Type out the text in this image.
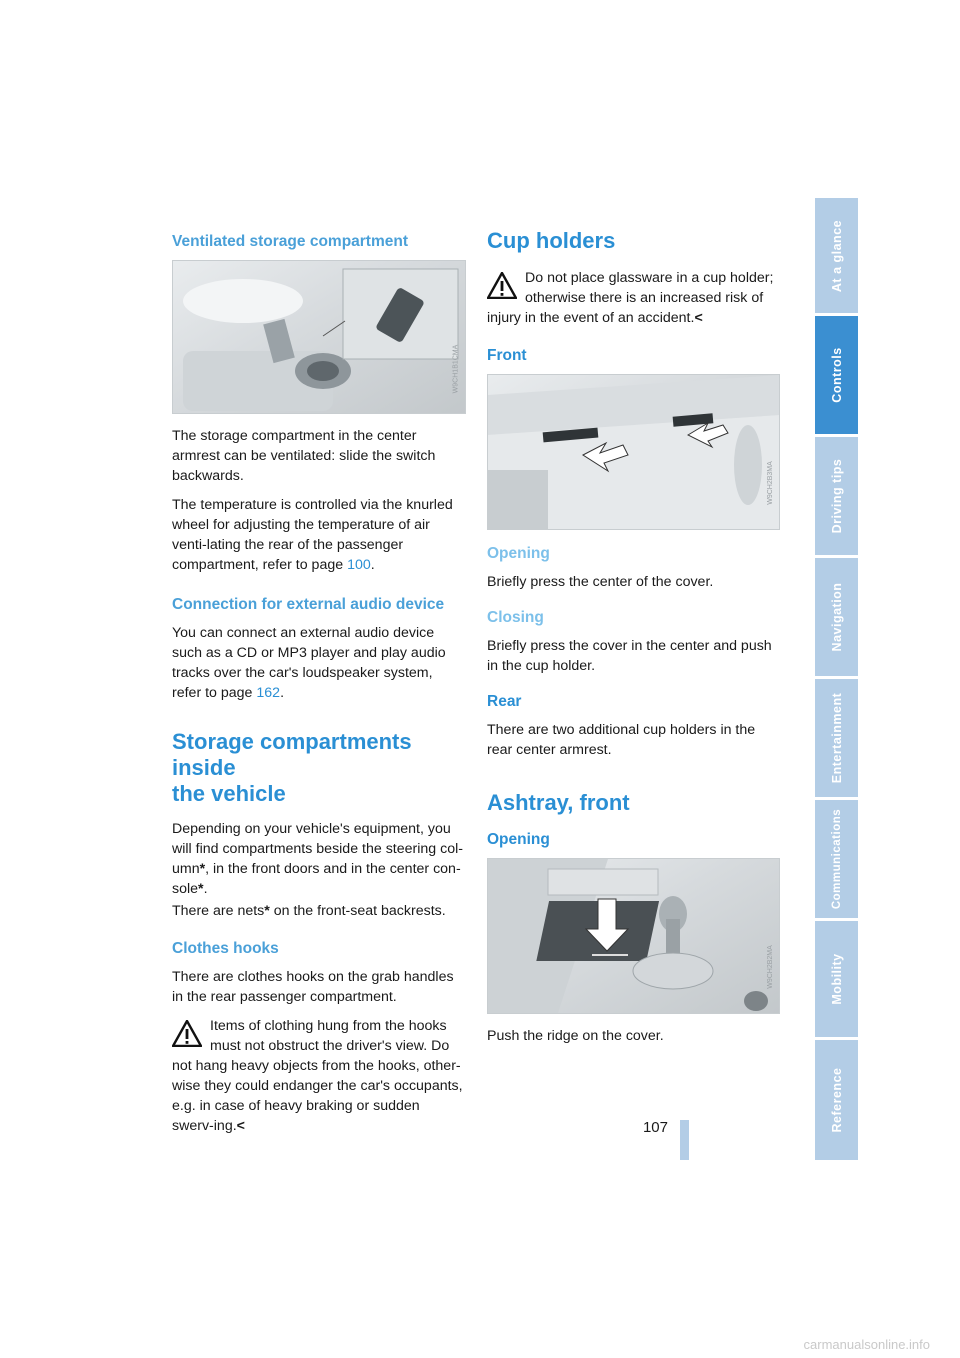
Ventilated storage compartment
W9CH1B1CMA

The storage compartment in the center armrest can be ventilated: slide the switch backwards.

The temperature is controlled via the knurled wheel for adjusting the temperature of air venti-lating the rear of the passenger compartment, refer to page 100.

Connection for external audio device

You can connect an external audio device such as a CD or MP3 player and play audio tracks over the car's loudspeaker system, refer to page 162.

Storage compartments inside
the vehicle

Depending on your vehicle's equipment, you will find compartments beside the steering col-umn*, in the front doors and in the center con-sole*.

There are nets* on the front-seat backrests.

Clothes hooks

There are clothes hooks on the grab handles in the rear passenger compartment.

Items of clothing hung from the hooks must not obstruct the driver's view. Do not hang heavy objects from the hooks, other-wise they could endanger the car's occupants, e.g. in case of heavy braking or sudden swerv-ing.<
Cup holders
Do not place glassware in a cup holder; otherwise there is an increased risk of injury in the event of an accident.<
Front
W9CH2B3MA
Opening

Briefly press the center of the cover.

Closing

Briefly press the cover in the center and push in the cup holder.

Rear

There are two additional cup holders in the rear center armrest.

Ashtray, front
Opening
W9CH2B2MA

Push the ridge on the cover.

107
At a glance
Controls
Driving tips
Navigation
Entertainment
Communications
Mobility
Reference
carmanualsonline.info
